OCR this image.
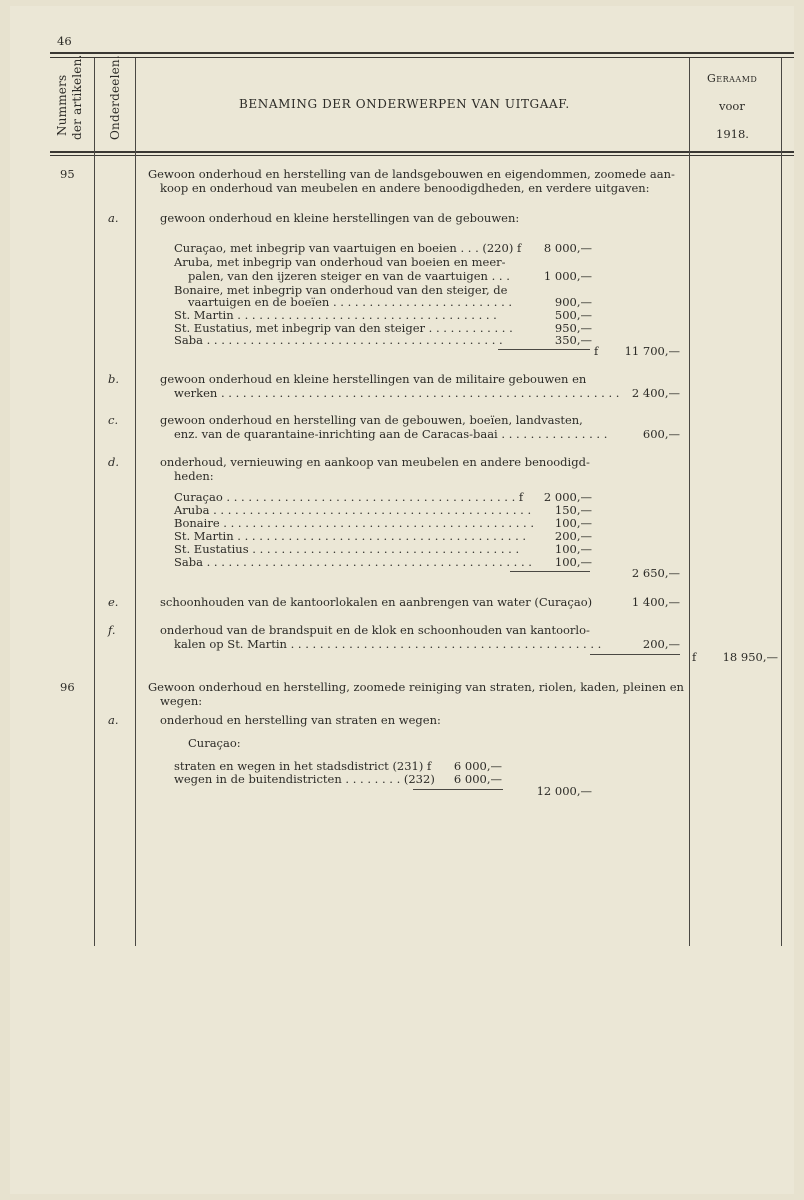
46
Nummers der artikelen. Onderdeelen.	BENAMING DER ONDERWERPEN VAN UITGAAF.
Geraamd
voor
1918.
95	Gewoon onderhoud en herstelling van de landsgebouwen en eigendommen, zoomede aan-
koop en onderhoud van meubelen en andere benoodigdheden, en verdere uitgaven:
a.	gewoon onderhoud en kleine herstellingen van de gebouwen:
Curaçao, met inbegrip van vaartuigen en boeien . . . (220) f	8 000,—
Aruba, met inbegrip van onderhoud van boeien en meer-
palen, van den ijzeren steiger en van de vaartuigen . . .	1 000,—
Bonaire, met inbegrip van onderhoud van den steiger, de
vaartuigen en de boeïen . . . . . . . . . . . . . . . . . . . . . . . . .	900,—
St. Martin . . . . . . . . . . . . . . . . . . . . . . . . . . . . . . . . . . . .	500,—
St. Eustatius, met inbegrip van den steiger . . . . . . . . . . . .	950,—
Saba . . . . . . . . . . . . . . . . . . . . . . . . . . . . . . . . . . . . . . . . .	350,—
f	11 700,—
b.	gewoon onderhoud en kleine herstellingen van de militaire gebouwen en
werken . . . . . . . . . . . . . . . . . . . . . . . . . . . . . . . . . . . . . . . . . . . . . . . . . . . . . . .	2 400,—
c.	gewoon onderhoud en herstelling van de gebouwen, boeïen, landvasten,
enz. van de quarantaine-inrichting aan de Caracas-baai . . . . . . . . . . . . . . .	600,—
d.	onderhoud, vernieuwing en aankoop van meubelen en andere benoodigd-
heden:
Curaçao . . . . . . . . . . . . . . . . . . . . . . . . . . . . . . . . . . . . . . . . f	2 000,—
Aruba . . . . . . . . . . . . . . . . . . . . . . . . . . . . . . . . . . . . . . . . . . . .	150,—
Bonaire . . . . . . . . . . . . . . . . . . . . . . . . . . . . . . . . . . . . . . . . . . .	100,—
St. Martin . . . . . . . . . . . . . . . . . . . . . . . . . . . . . . . . . . . . . . . .	200,—
St. Eustatius . . . . . . . . . . . . . . . . . . . . . . . . . . . . . . . . . . . . .	100,—
Saba . . . . . . . . . . . . . . . . . . . . . . . . . . . . . . . . . . . . . . . . . . . . .	100,—
2 650,—
e.	schoonhouden van de kantoorlokalen en aanbrengen van water (Curaçao)	1 400,—
f.	onderhoud van de brandspuit en de klok en schoonhouden van kantoorlo-
kalen op St. Martin . . . . . . . . . . . . . . . . . . . . . . . . . . . . . . . . . . . . . . . . . . .	200,—
f	18 950,—
96	Gewoon onderhoud en herstelling, zoomede reiniging van straten, riolen, kaden, pleinen en
wegen:
a.	onderhoud en herstelling van straten en wegen:
Curaçao:
straten en wegen in het stadsdistrict (231) f	6 000,—
wegen in de buitendistricten . . . . . . . . (232)	6 000,—
12 000,—
